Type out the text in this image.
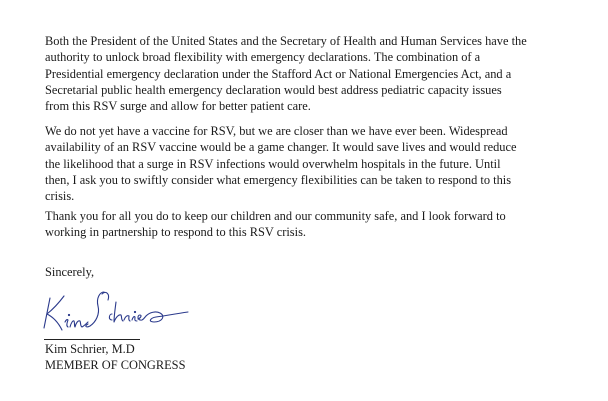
Both the President of the United States and the Secretary of Health and Human Services have the
authority to unlock broad flexibility with emergency declarations. The combination of a
Presidential emergency declaration under the Stafford Act or National Emergencies Act, and a
Secretarial public health emergency declaration would best address pediatric capacity issues
from this RSV surge and allow for better patient care.
We do not yet have a vaccine for RSV, but we are closer than we have ever been. Widespread
availability of an RSV vaccine would be a game changer. It would save lives and would reduce
the likelihood that a surge in RSV infections would overwhelm hospitals in the future. Until
then, I ask you to swiftly consider what emergency flexibilities can be taken to respond to this
crisis.
Thank you for all you do to keep our children and our community safe, and I look forward to
working in partnership to respond to this RSV crisis.
Sincerely,
Kim Schrier, M.D
MEMBER OF CONGRESS
